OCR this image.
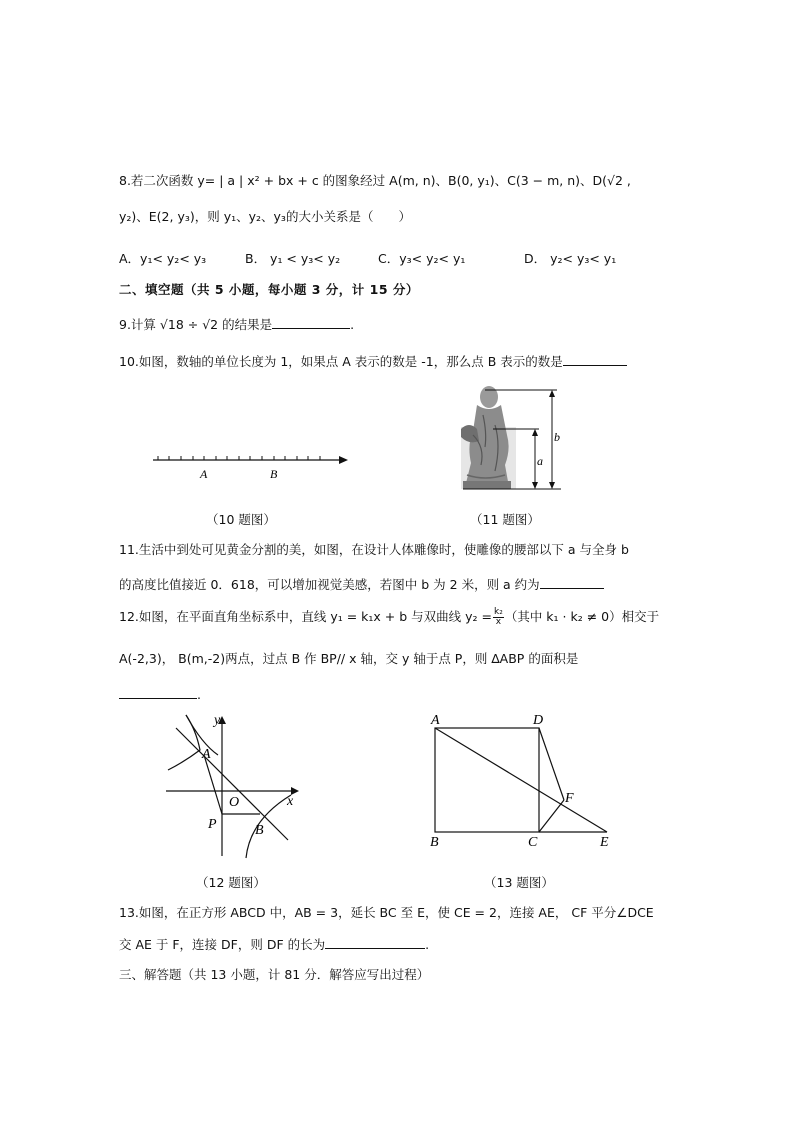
8.若二次函数 y= | a | x² + bx + c 的图象经过 A(m, n)、B(0, y₁)、C(3 − m, n)、D(√2 ,
y₂)、E(2, y₃)，则 y₁、y₂、y₃的大小关系是（　　）
A．y₁< y₂< y₃	B． y₁ < y₃< y₂	C．y₃< y₂< y₁	D． y₂< y₃< y₁
二、填空题（共 5 小题，每小题 3 分，计 15 分）
9.计算 √18 ÷ √2 的结果是	.
10.如图，数轴的单位长度为 1，如果点 A 表示的数是 -1，那么点 B 表示的数是
A	B
（10 题图）
b
a
（11 题图）
11.生活中到处可见黄金分割的美，如图，在设计人体雕像时，使雕像的腰部以下 a 与全身 b
的高度比值接近 0．618，可以增加视觉美感，若图中 b 为 2 米，则 a 约为
12.如图，在平面直角坐标系中，直线 y₁ = k₁x + b 与双曲线 $y_2 = \frac{\text{k₂}}{x}$ （其中 k₁ · k₂ ≠ 0）相交于
A(-2,3)， B(m,-2)两点，过点 B 作 BP// x 轴，交 y 轴于点 P，则 ∆ABP 的面积是
.
y
x
O
A
P	B
（12 题图）
A	D
F
B	C	E
（13 题图）
13.如图，在正方形 ABCD 中，AB = 3，延长 BC 至 E，使 CE = 2，连接 AE， CF 平分∠DCE
交 AE 于 F，连接 DF，则 DF 的长为	.
三、解答题（共 13 小题，计 81 分．解答应写出过程）
